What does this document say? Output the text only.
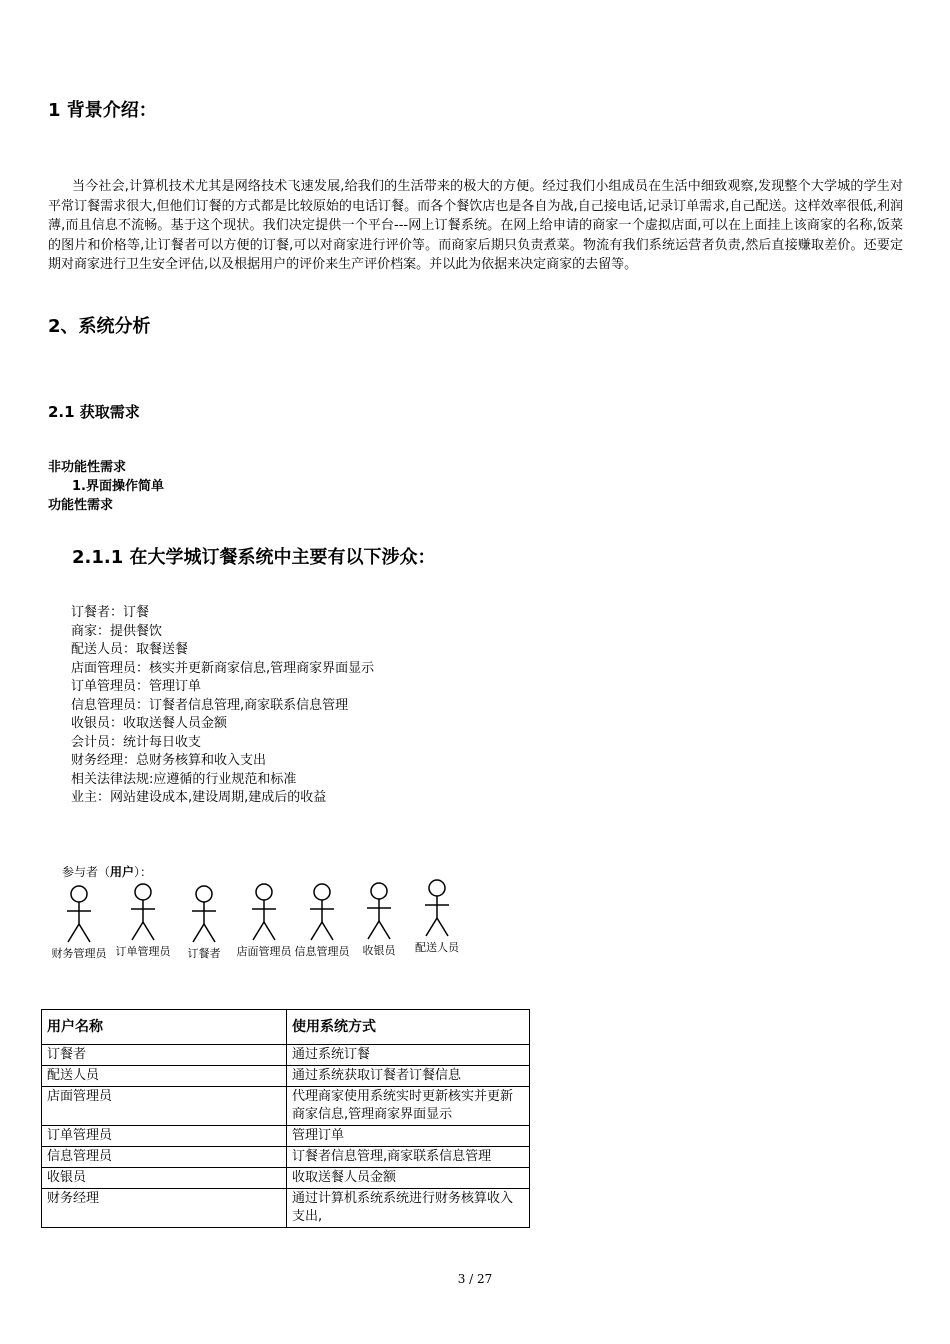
1 背景介绍：
当今社会,计算机技术尤其是网络技术飞速发展,给我们的生活带来的极大的方便。经过我们小组成员在生活中细致观察,发现整个大学城的学生对平常订餐需求很大,但他们订餐的方式都是比较原始的电话订餐。而各个餐饮店也是各自为战,自己接电话,记录订单需求,自己配送。这样效率很低,利润薄,而且信息不流畅。基于这个现状。我们决定提供一个平台---网上订餐系统。在网上给申请的商家一个虚拟店面,可以在上面挂上该商家的名称,饭菜的图片和价格等,让订餐者可以方便的订餐,可以对商家进行评价等。而商家后期只负责煮菜。物流有我们系统运营者负责,然后直接赚取差价。还要定期对商家进行卫生安全评估,以及根据用户的评价来生产评价档案。并以此为依据来决定商家的去留等。
2、系统分析
2.1 获取需求
非功能性需求
1.界面操作简单
功能性需求
2.1.1 在大学城订餐系统中主要有以下涉众：
订餐者：订餐
商家：提供餐饮
配送人员：取餐送餐
店面管理员：核实并更新商家信息,管理商家界面显示
订单管理员：管理订单
信息管理员：订餐者信息管理,商家联系信息管理
收银员：收取送餐人员金额
会计员：统计每日收支
财务经理：总财务核算和收入支出
相关法律法规:应遵循的行业规范和标准
业主：网站建设成本,建设周期,建成后的收益
参与者（用户）：
财务管理员 订单管理员	订餐者	店面管理员 信息管理员	收银员	配送人员
用户名称	使用系统方式
订餐者	通过系统订餐
配送人员	通过系统获取订餐者订餐信息
店面管理员	代理商家使用系统实时更新核实并更新商家信息,管理商家界面显示
订单管理员	管理订单
信息管理员	订餐者信息管理,商家联系信息管理
收银员	收取送餐人员金额
财务经理	通过计算机系统系统进行财务核算收入支出,
3 / 27
